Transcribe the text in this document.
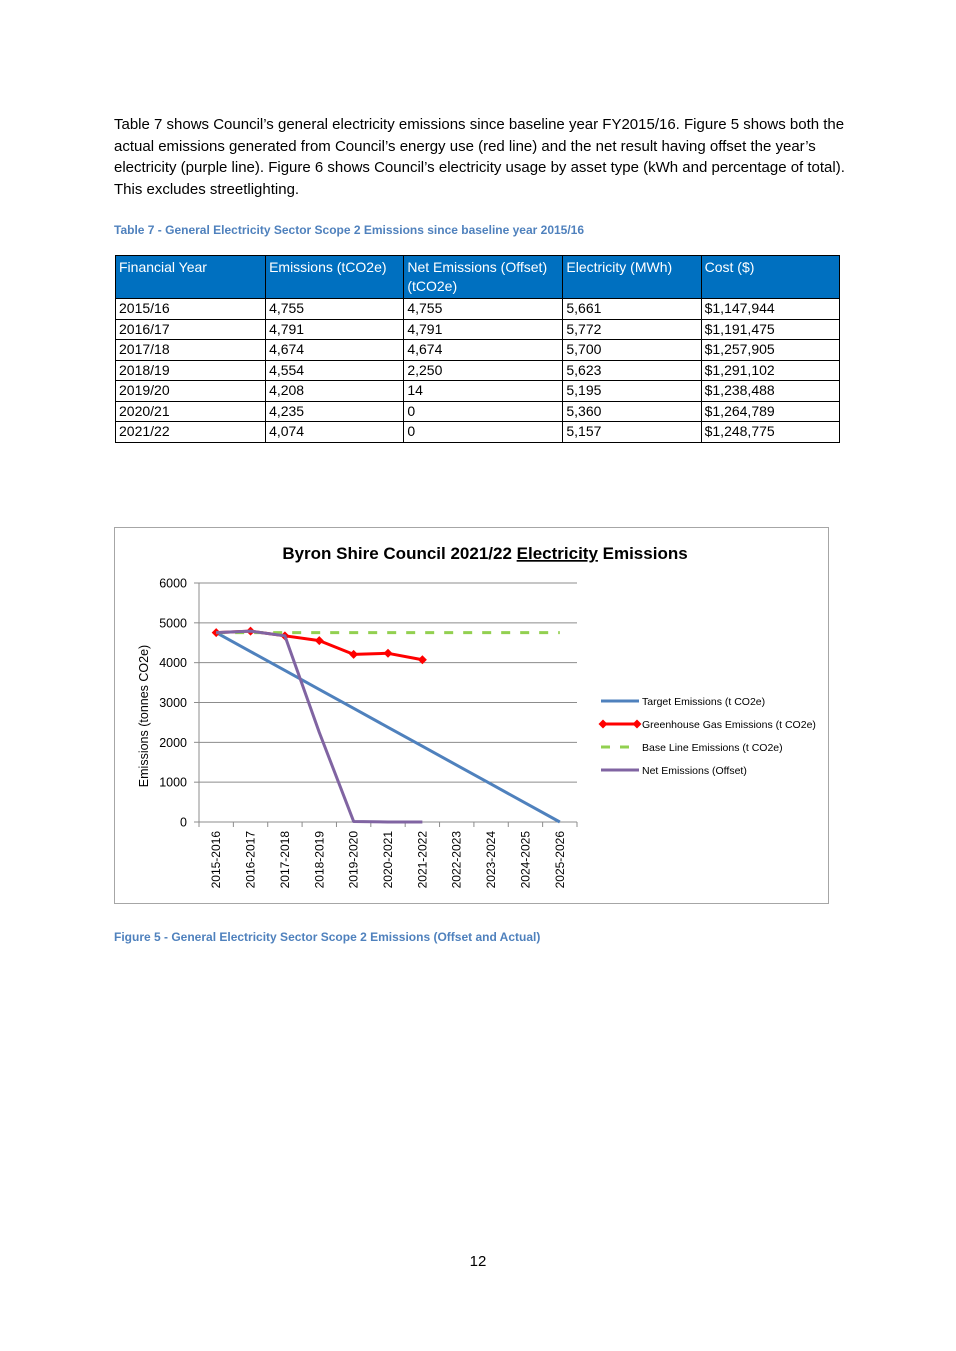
Table 7 shows Council’s general electricity emissions since baseline year FY2015/16. Figure 5 shows both the actual emissions generated from Council’s energy use (red line) and the net result having offset the year’s electricity (purple line). Figure 6 shows Council’s electricity usage by asset type (kWh and percentage of total). This excludes streetlighting.

Table 7 - General Electricity Sector Scope 2 Emissions since baseline year 2015/16

Financial Year	Emissions (tCO2e)	Net Emissions (Offset) (tCO2e)	Electricity (MWh)	Cost ($)
2015/16	4,755	4,755	5,661	$1,147,944
2016/17	4,791	4,791	5,772	$1,191,475
2017/18	4,674	4,674	5,700	$1,257,905
2018/19	4,554	2,250	5,623	$1,291,102
2019/20	4,208	14	5,195	$1,238,488
2020/21	4,235	0	5,360	$1,264,789
2021/22	4,074	0	5,157	$1,248,775
Byron Shire Council 2021/22 Electricity Emissions
Emissions (tonnes CO2e)
0
1000
2000
3000
4000
5000
6000
2015-2016 2016-2017 2017-2018 2018-2019 2019-2020 2020-2021 2021-2022 2022-2023 2023-2024 2024-2025 2025-2026
Target Emissions (t CO2e)
Greenhouse Gas Emissions (t CO2e)
Base Line Emissions (t CO2e)
Net Emissions (Offset)

Figure 5 - General Electricity Sector Scope 2 Emissions (Offset and Actual)

12
